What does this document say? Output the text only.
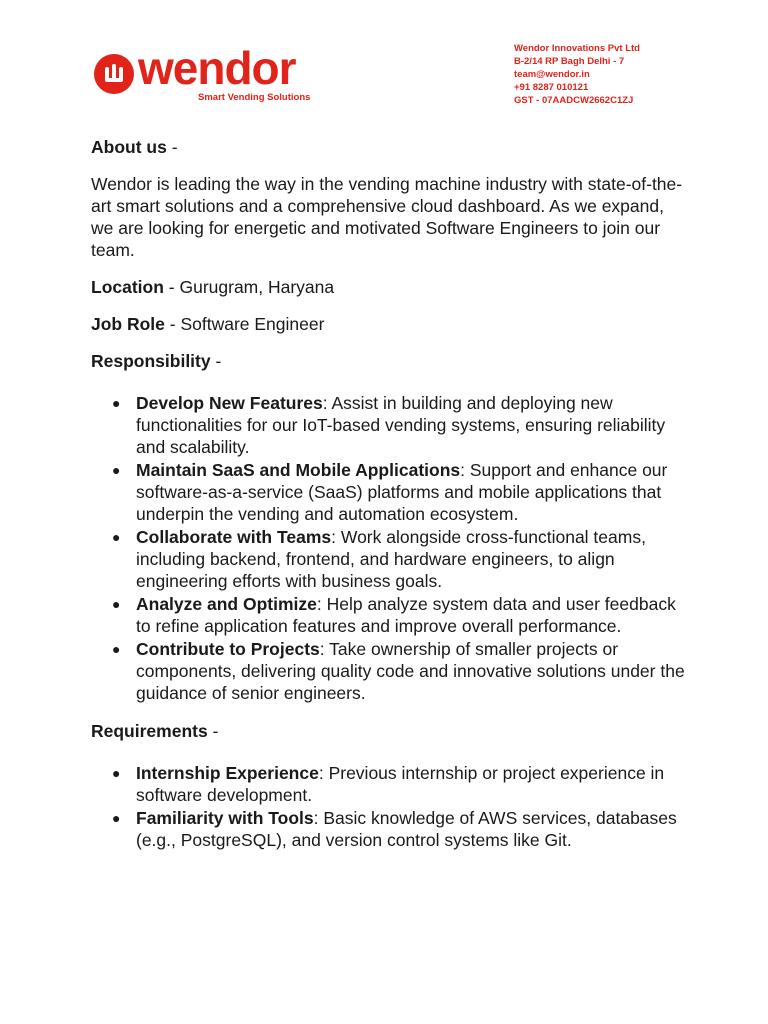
wendor
Smart Vending Solutions
Wendor Innovations Pvt Ltd
B-2/14 RP Bagh Delhi - 7
team@wendor.in
+91 8287 010121
GST - 07AADCW2662C1ZJ

About us -

Wendor is leading the way in the vending machine industry with state-of-the-art smart solutions and a comprehensive cloud dashboard. As we expand, we are looking for energetic and motivated Software Engineers to join our team.

Location - Gurugram, Haryana

Job Role - Software Engineer

Responsibility -

● Develop New Features: Assist in building and deploying new functionalities for our IoT-based vending systems, ensuring reliability and scalability.
● Maintain SaaS and Mobile Applications: Support and enhance our software-as-a-service (SaaS) platforms and mobile applications that underpin the vending and automation ecosystem.
● Collaborate with Teams: Work alongside cross-functional teams, including backend, frontend, and hardware engineers, to align engineering efforts with business goals.
● Analyze and Optimize: Help analyze system data and user feedback to refine application features and improve overall performance.
● Contribute to Projects: Take ownership of smaller projects or components, delivering quality code and innovative solutions under the guidance of senior engineers.

Requirements -

● Internship Experience: Previous internship or project experience in software development.
● Familiarity with Tools: Basic knowledge of AWS services, databases (e.g., PostgreSQL), and version control systems like Git.
